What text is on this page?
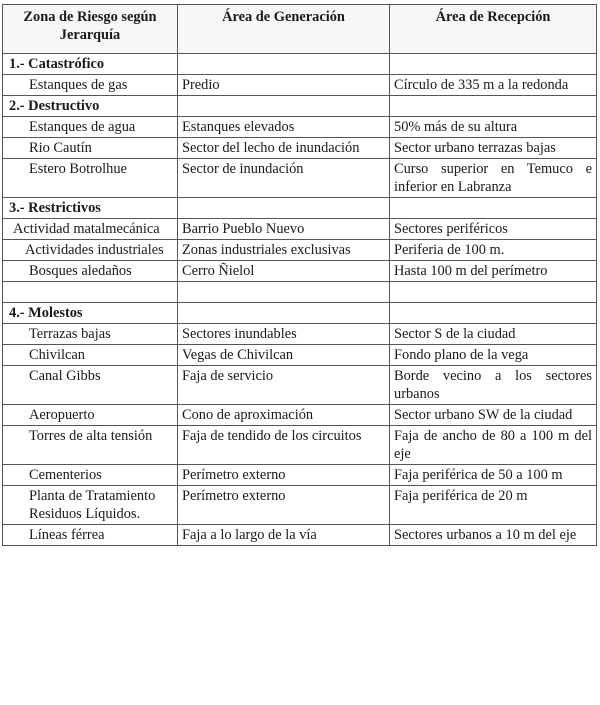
Zona de Riesgo según Jerarquía	Área de Generación	Área de Recepción
1.- Catastrófico		
Estanques de gas	Predio	Círculo de 335 m a la redonda
2.- Destructivo		
Estanques de agua	Estanques elevados	50% más de su altura
Rio Cautín	Sector del lecho de inundación	Sector urbano terrazas bajas
Estero Botrolhue	Sector de inundación	Curso superior en Temuco e inferior en Labranza
3.- Restrictivos		
Actividad matalmecánica	Barrio Pueblo Nuevo	Sectores periféricos
Actividades industriales	Zonas industriales exclusivas	Periferia de 100 m.
Bosques aledaños	Cerro Ñielol	Hasta 100 m del perímetro

4.- Molestos		
Terrazas bajas	Sectores inundables	Sector S de la ciudad
Chivilcan	Vegas de Chivilcan	Fondo plano de la vega
Canal Gibbs	Faja de servicio	Borde vecino a los sectores urbanos
Aeropuerto	Cono de aproximación	Sector urbano SW de la ciudad
Torres de alta tensión	Faja de tendido de los circuitos	Faja de ancho de 80 a 100 m del eje
Cementerios	Perímetro externo	Faja periférica de 50 a 100 m
Planta de Tratamiento Residuos Líquidos.	Perímetro externo	Faja periférica de 20 m
Líneas férrea	Faja a lo largo de la vía	Sectores urbanos a 10 m del eje
